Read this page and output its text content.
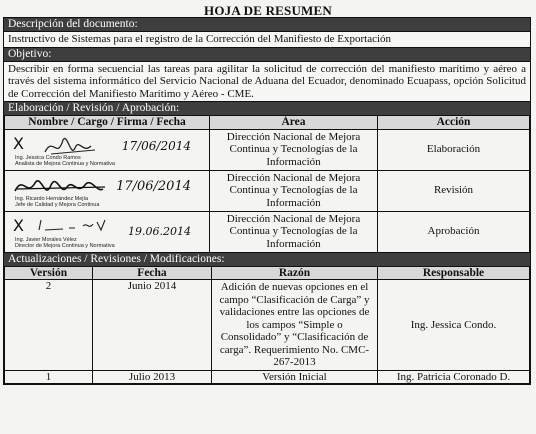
HOJA DE RESUMEN
Descripción del documento:
Instructivo de Sistemas para el registro de la Corrección del Manifiesto de Exportación
Objetivo:
Describir en forma secuencial las tareas para agilitar la solicitud de corrección del manifiesto marítimo y aéreo a través del sistema informático del Servicio Nacional de Aduana del Ecuador, denominado Ecuapass, opción Solicitud de Corrección del Manifiesto Marítimo y Aéreo - CME.
Elaboración / Revisión / Aprobación:
Nombre / Cargo / Firma / Fecha	Área	Acción

X 17/06/2014
Ing. Jessica Condo Ramos
Analista de Mejora Continua y Normativa	Dirección Nacional de Mejora Continua y Tecnologías de la Información	Elaboración

17/06/2014
Ing. Ricardo Hernández Mejía
Jefe de Calidad y Mejora Continua	Dirección Nacional de Mejora Continua y Tecnologías de la Información	Revisión

X 19.06.2014
Ing. Javier Morales Vélez
Director de Mejora Continua y Normativa	Dirección Nacional de Mejora Continua y Tecnologías de la Información	Aprobación
Actualizaciones / Revisiones / Modificaciones:
Versión	Fecha	Razón	Responsable
2	Junio 2014	Adición de nuevas opciones en el campo “Clasificación de Carga” y validaciones entre las opciones de los campos “Simple o Consolidado” y “Clasificación de carga”. Requerimiento No. CMC-267-2013	Ing. Jessica Condo.
1	Julio 2013	Versión Inicial	Ing. Patricia Coronado D.
